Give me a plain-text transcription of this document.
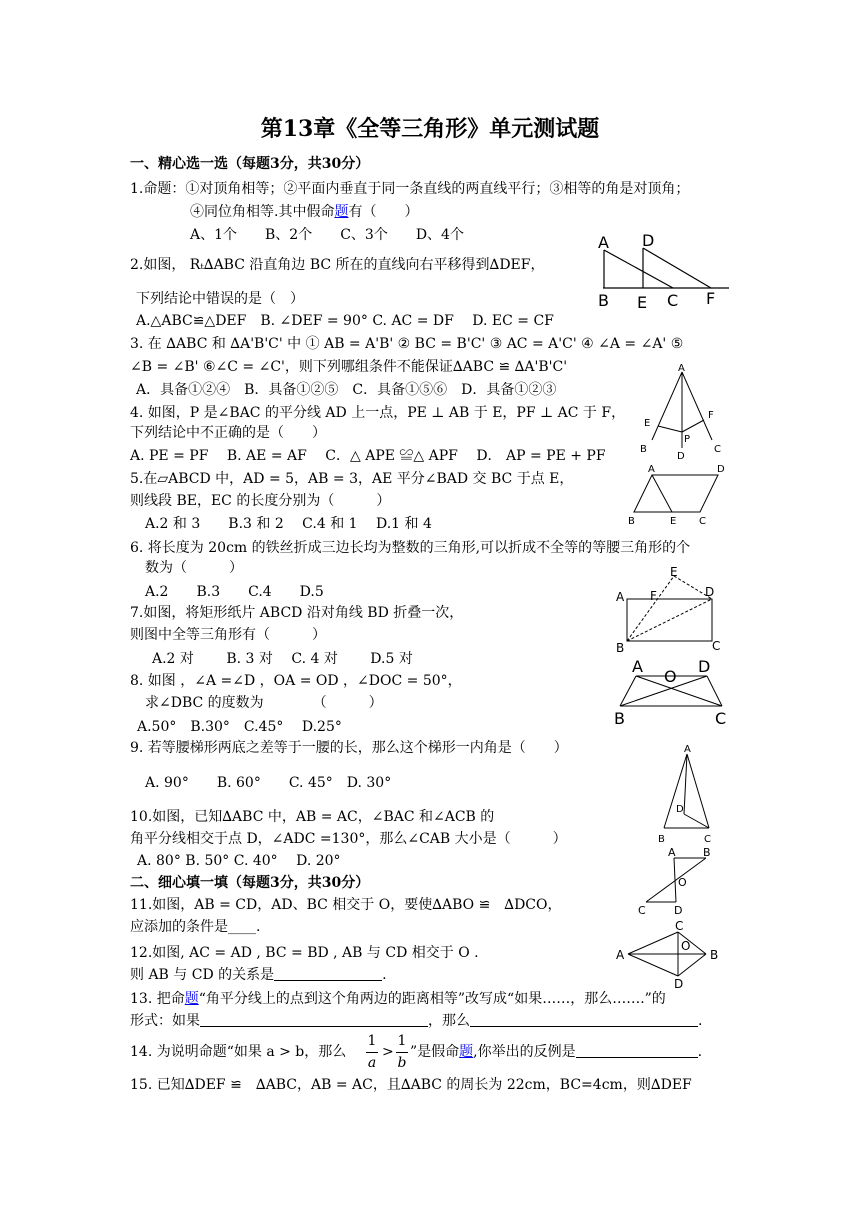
第13章《全等三角形》单元测试题
一、精心选一选（每题3分，共30分）
1.命题：①对顶角相等；②平面内垂直于同一条直线的两直线平行；③相等的角是对顶角；
④同位角相等.其中假命题有（　　）
A、1个　　B、2个　　C、3个　　D、4个
2.如图， Rₜ∆ABC 沿直角边 BC 所在的直线向右平移得到∆DEF，
下列结论中错误的是（　）
A.△ABC≌△DEF　B. ∠DEF = 90° C. AC = DF　 D. EC = CF
A D
B E C F
3. 在 ∆ABC 和 ∆A'B'C' 中 ① AB = A'B' ② BC = B'C' ③ AC = A'C' ④ ∠A = ∠A' ⑤
∠B = ∠B' ⑥∠C = ∠C'，则下列哪组条件不能保证∆ABC ≌ ∆A'B'C'
A．具备①②④　B．具备①②⑤　C．具备①⑤⑥　D．具备①②③
4. 如图，P 是∠BAC 的平分线 AD 上一点，PE ⊥ AB 于 E，PF ⊥ AC 于 F，
下列结论中不正确的是（　　）
A. PE = PF　 B. AE = AF　 C．△ APE ≌△ APF　 D． AP = PE + PF
A
E
F
P
B
D
C
5.在▱ABCD 中，AD = 5，AB = 3，AE 平分∠BAD 交 BC 于点 E，
则线段 BE，EC 的长度分别为（　　　）
A.2 和 3　　B.3 和 2　 C.4 和 1　 D.1 和 4
A	D
B	E C
6. 将长度为 20cm 的铁丝折成三边长均为整数的三角形,可以折成不全等的等腰三角形的个
数为（　　　）
A.2　　B.3　　C.4　　D.5
7.如图，将矩形纸片 ABCD 沿对角线 BD 折叠一次，
则图中全等三角形有（　　　）
A.2 对　　 B. 3 对　 C. 4 对　　 D.5 对
E
A F	D
B	C
8. 如图 ，∠A =∠D ，OA = OD ，∠DOC = 50°，
求∠DBC 的度数为　　　　（　　　）
A.50°　B.30°　C.45°　 D.25°
A
O
D
B	C
9. 若等腰梯形两底之差等于一腰的长，那么这个梯形一内角是（　　）
A. 90°　　B. 60°　　C. 45°　D. 30°
A
D
B	C
10.如图，已知∆ABC 中，AB = AC，∠BAC 和∠ACB 的
角平分线相交于点 D，∠ADC =130°，那么∠CAB 大小是（　　　）
A. 80° B. 50° C. 40°　 D. 20°
二、细心填一填（每题3分，共30分）
11.如图，AB = CD，AD、BC 相交于 O，要使∆ABO ≌　∆DCO，
应添加的条件是____.
A B
O
C	D
12.如图, AC = AD , BC = BD , AB 与 CD 相交于 O .
则 AB 与 CD 的关系是	.
C
A
O
B
D
13. 把命题“角平分线上的点到这个角两边的距离相等”改写成“如果……，那么…….”的
形式：如果	，那么	.
14. 为说明命题“如果 a > b，那么
1
a
>
1
b
”是假命题,你举出的反例是	.
15. 已知∆DEF ≌　∆ABC，AB = AC，且∆ABC 的周长为 22cm，BC=4cm，则∆DEF
